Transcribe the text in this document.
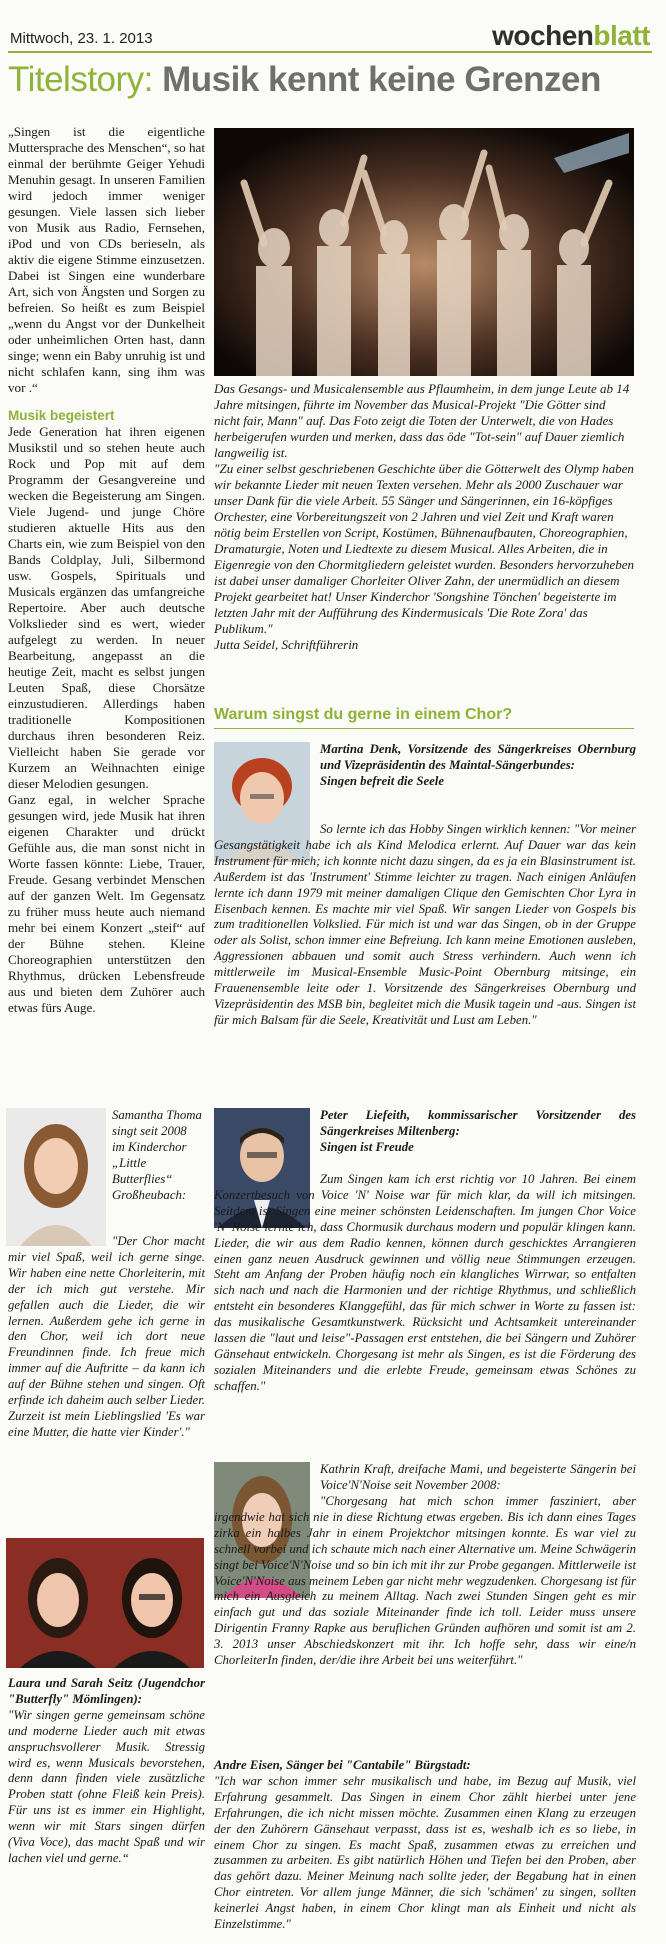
Mittwoch, 23. 1. 2013	wochenblatt
Titelstory: Musik kennt keine Grenzen

„Singen ist die eigentliche Muttersprache des Menschen“, so hat einmal der berühmte Geiger Yehudi Menuhin gesagt. In unseren Familien wird jedoch immer weniger gesungen. Viele lassen sich lieber von Musik aus Radio, Fernsehen, iPod und von CDs berieseln, als aktiv die eigene Stimme einzusetzen. Dabei ist Singen eine wunderbare Art, sich von Ängsten und Sorgen zu befreien. So heißt es zum Beispiel „wenn du Angst vor der Dunkelheit oder unheimlichen Orten hast, dann singe; wenn ein Baby unruhig ist und nicht schlafen kann, sing ihm was vor .“

Musik begeistert

Jede Generation hat ihren eigenen Musikstil und so stehen heute auch Rock und Pop mit auf dem Programm der Gesangvereine und wecken die Begeisterung am Singen. Viele Jugend- und junge Chöre studieren aktuelle Hits aus den Charts ein, wie zum Beispiel von den Bands Coldplay, Juli, Silbermond usw. Gospels, Spirituals und Musicals ergänzen das umfangreiche Repertoire. Aber auch deutsche Volkslieder sind es wert, wieder aufgelegt zu werden. In neuer Bearbeitung, angepasst an die heutige Zeit, macht es selbst jungen Leuten Spaß, diese Chorsätze einzustudieren. Allerdings haben traditionelle Kompositionen durchaus ihren besonderen Reiz. Vielleicht haben Sie gerade vor Kurzem an Weihnachten einige dieser Melodien gesungen.

Ganz egal, in welcher Sprache gesungen wird, jede Musik hat ihren eigenen Charakter und drückt Gefühle aus, die man sonst nicht in Worte fassen könnte: Liebe, Trauer, Freude. Gesang verbindet Menschen auf der ganzen Welt. Im Gegensatz zu früher muss heute auch niemand mehr bei einem Konzert „steif“ auf der Bühne stehen. Kleine Choreographien unterstützen den Rhythmus, drücken Lebensfreude aus und bieten dem Zuhörer auch etwas fürs Auge.

Das Gesangs- und Musicalensemble aus Pflaumheim, in dem junge Leute ab 14 Jahre mitsingen, führte im November das Musical-Projekt "Die Götter sind nicht fair, Mann" auf. Das Foto zeigt die Toten der Unterwelt, die von Hades herbeigerufen wurden und merken, dass das öde "Tot-sein" auf Dauer ziemlich langweilig ist.

"Zu einer selbst geschriebenen Geschichte über die Götterwelt des Olymp haben wir bekannte Lieder mit neuen Texten versehen. Mehr als 2000 Zuschauer war unser Dank für die viele Arbeit. 55 Sänger und Sängerinnen, ein 16-köpfiges Orchester, eine Vorbereitungszeit von 2 Jahren und viel Zeit und Kraft waren nötig beim Erstellen von Script, Kostümen, Bühnenaufbauten, Choreographien, Dramaturgie, Noten und Liedtexte zu diesem Musical. Alles Arbeiten, die in Eigenregie von den Chormitgliedern geleistet wurden. Besonders hervorzuheben ist dabei unser damaliger Chorleiter Oliver Zahn, der unermüdlich an diesem Projekt gearbeitet hat! Unser Kinderchor 'Songshine Tönchen' begeisterte im letzten Jahr mit der Aufführung des Kindermusicals 'Die Rote Zora' das Publikum."

Jutta Seidel, Schriftführerin

Warum singst du gerne in einem Chor?

Martina Denk, Vorsitzende des Sängerkreises Obernburg und Vizepräsidentin des Maintal-Sängerbundes:

Singen befreit die Seele

So lernte ich das Hobby Singen wirklich kennen: "Vor meiner Gesangstätigkeit habe ich als Kind Melodica erlernt. Auf Dauer war das kein Instrument für mich; ich konnte nicht dazu singen, da es ja ein Blasinstrument ist. Außerdem ist das 'Instrument' Stimme leichter zu tragen. Nach einigen Anläufen lernte ich dann 1979 mit meiner damaligen Clique den Gemischten Chor Lyra in Eisenbach kennen. Es machte mir viel Spaß. Wir sangen Lieder von Gospels bis zum traditionellen Volkslied. Für mich ist und war das Singen, ob in der Gruppe oder als Solist, schon immer eine Befreiung. Ich kann meine Emotionen ausleben, Aggressionen abbauen und somit auch Stress verhindern. Auch wenn ich mittlerweile im Musical-Ensemble Music-Point Obernburg mitsinge, ein Frauenensemble leite oder 1. Vorsitzende des Sängerkreises Obernburg und Vizepräsidentin des MSB bin, begleitet mich die Musik tagein und -aus. Singen ist für mich Balsam für die Seele, Kreativität und Lust am Leben."
Samantha Thoma singt seit 2008 im Kinderchor „Little Butterflies“ Großheubach:
"Der Chor macht mir viel Spaß, weil ich gerne singe. Wir haben eine nette Chorleiterin, mit der ich mich gut verstehe. Mir gefallen auch die Lieder, die wir lernen. Außerdem gehe ich gerne in den Chor, weil ich dort neue Freundinnen finde. Ich freue mich immer auf die Auftritte – da kann ich auf der Bühne stehen und singen. Oft erfinde ich daheim auch selber Lieder. Zurzeit ist mein Lieblingslied 'Es war eine Mutter, die hatte vier Kinder'."

Peter Liefeith, kommissarischer Vorsitzender des Sängerkreises Miltenberg:

Singen ist Freude

Zum Singen kam ich erst richtig vor 10 Jahren. Bei einem Konzertbesuch von Voice 'N' Noise war für mich klar, da will ich mitsingen. Seitdem ist Singen eine meiner schönsten Leidenschaften. Im jungen Chor Voice 'N' Noise lernte ich, dass Chormusik durchaus modern und populär klingen kann. Lieder, die wir aus dem Radio kennen, können durch geschicktes Arrangieren einen ganz neuen Ausdruck gewinnen und völlig neue Stimmungen erzeugen. Steht am Anfang der Proben häufig noch ein klangliches Wirrwar, so entfalten sich nach und nach die Harmonien und der richtige Rhythmus, und schließlich entsteht ein besonderes Klanggefühl, das für mich schwer in Worte zu fassen ist: das musikalische Gesamtkunstwerk. Rücksicht und Achtsamkeit untereinander lassen die "laut und leise"-Passagen erst entstehen, die bei Sängern und Zuhörer Gänsehaut entwickeln. Chorgesang ist mehr als Singen, es ist die Förderung des sozialen Miteinanders und die erlebte Freude, gemeinsam etwas Schönes zu schaffen."
Kathrin Kraft, dreifache Mami, und begeisterte Sängerin bei Voice'N'Noise seit November 2008:
"Chorgesang hat mich schon immer fasziniert, aber irgendwie hat sich nie in diese Richtung etwas ergeben. Bis ich dann eines Tages zirka ein halbes Jahr in einem Projektchor mitsingen konnte. Es war viel zu schnell vorbei und ich schaute mich nach einer Alternative um. Meine Schwägerin singt bei Voice'N'Noise und so bin ich mit ihr zur Probe gegangen. Mittlerweile ist Voice'N'Noise aus meinem Leben gar nicht mehr wegzudenken. Chorgesang ist für mich ein Ausgleich zu meinem Alltag. Nach zwei Stunden Singen geht es mir einfach gut und das soziale Miteinander finde ich toll. Leider muss unsere Dirigentin Franny Rapke aus beruflichen Gründen aufhören und somit ist am 2. 3. 2013 unser Abschiedskonzert mit ihr. Ich hoffe sehr, dass wir eine/n ChorleiterIn finden, der/die ihre Arbeit bei uns weiterführt."

Laura und Sarah Seitz (Jugendchor "Butterfly" Mömlingen):

"Wir singen gerne gemeinsam schöne und moderne Lieder auch mit etwas anspruchsvollerer Musik. Stressig wird es, wenn Musicals bevorstehen, denn dann finden viele zusätzliche Proben statt (ohne Fleiß kein Preis). Für uns ist es immer ein Highlight, wenn wir mit Stars singen dürfen (Viva Voce), das macht Spaß und wir lachen viel und gerne.“

Andre Eisen, Sänger bei "Cantabile" Bürgstadt:

"Ich war schon immer sehr musikalisch und habe, im Bezug auf Musik, viel Erfahrung gesammelt. Das Singen in einem Chor zählt hierbei unter jene Erfahrungen, die ich nicht missen möchte. Zusammen einen Klang zu erzeugen der den Zuhörern Gänsehaut verpasst, dass ist es, weshalb ich es so liebe, in einem Chor zu singen. Es macht Spaß, zusammen etwas zu erreichen und zusammen zu arbeiten. Es gibt natürlich Höhen und Tiefen bei den Proben, aber das gehört dazu. Meiner Meinung nach sollte jeder, der Begabung hat in einen Chor eintreten. Vor allem junge Männer, die sich 'schämen' zu singen, sollten keinerlei Angst haben, in einem Chor klingt man als Einheit und nicht als Einzelstimme."
